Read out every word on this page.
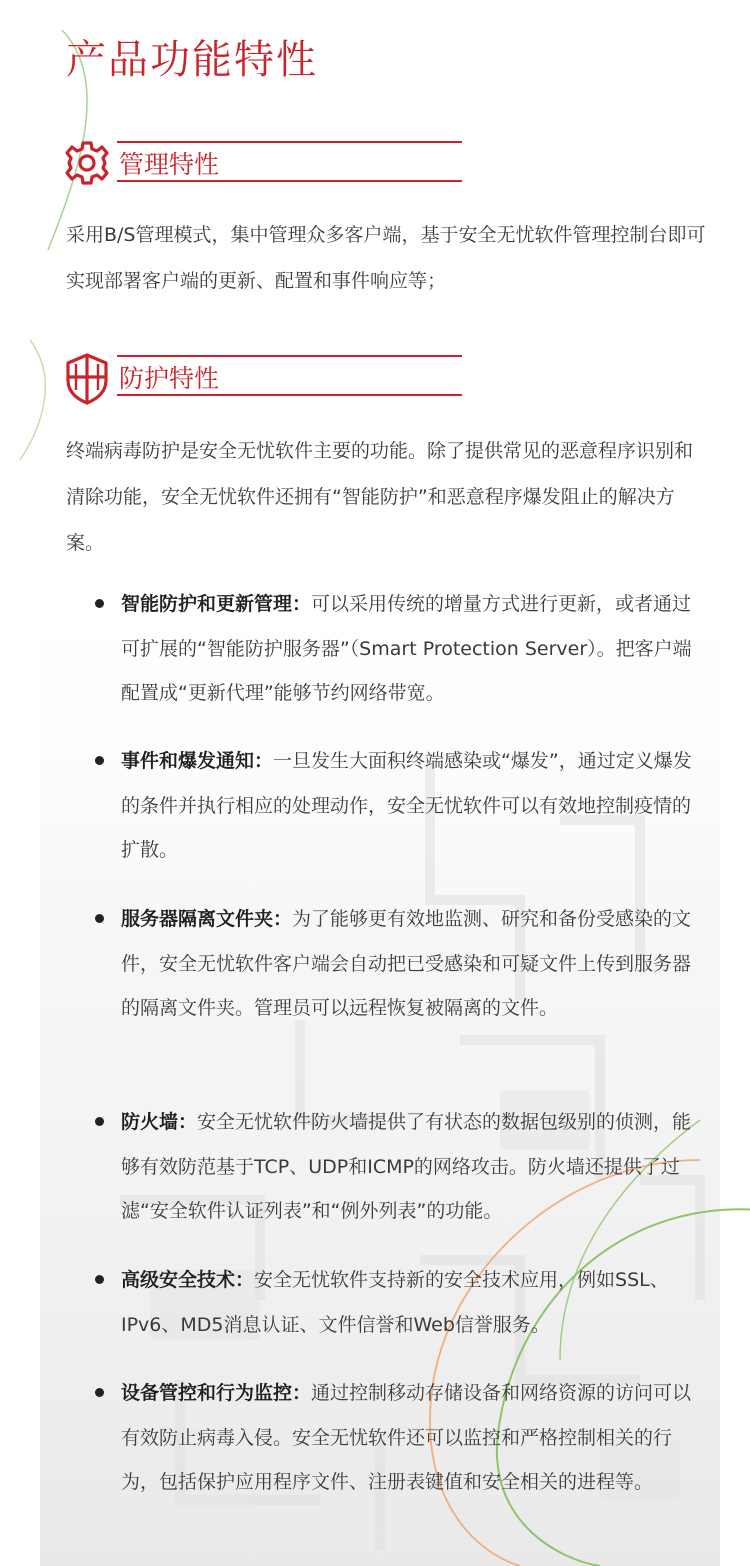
产品功能特性
管理特性
采用B/S管理模式，集中管理众多客户端，基于安全无忧软件管理控制台即可实现部署客户端的更新、配置和事件响应等；
防护特性
终端病毒防护是安全无忧软件主要的功能。除了提供常见的恶意程序识别和清除功能，安全无忧软件还拥有“智能防护”和恶意程序爆发阻止的解决方案。
智能防护和更新管理：可以采用传统的增量方式进行更新，或者通过可扩展的“智能防护服务器”（Smart Protection Server）。把客户端配置成“更新代理”能够节约网络带宽。
事件和爆发通知：一旦发生大面积终端感染或“爆发”，通过定义爆发的条件并执行相应的处理动作，安全无忧软件可以有效地控制疫情的扩散。
服务器隔离文件夹：为了能够更有效地监测、研究和备份受感染的文件，安全无忧软件客户端会自动把已受感染和可疑文件上传到服务器的隔离文件夹。管理员可以远程恢复被隔离的文件。
防火墙：安全无忧软件防火墙提供了有状态的数据包级别的侦测，能够有效防范基于TCP、UDP和ICMP的网络攻击。防火墙还提供了过滤“安全软件认证列表”和“例外列表”的功能。
高级安全技术：安全无忧软件支持新的安全技术应用，例如SSL、IPv6、MD5消息认证、文件信誉和Web信誉服务。
设备管控和行为监控：通过控制移动存储设备和网络资源的访问可以有效防止病毒入侵。安全无忧软件还可以监控和严格控制相关的行为，包括保护应用程序文件、注册表键值和安全相关的进程等。
